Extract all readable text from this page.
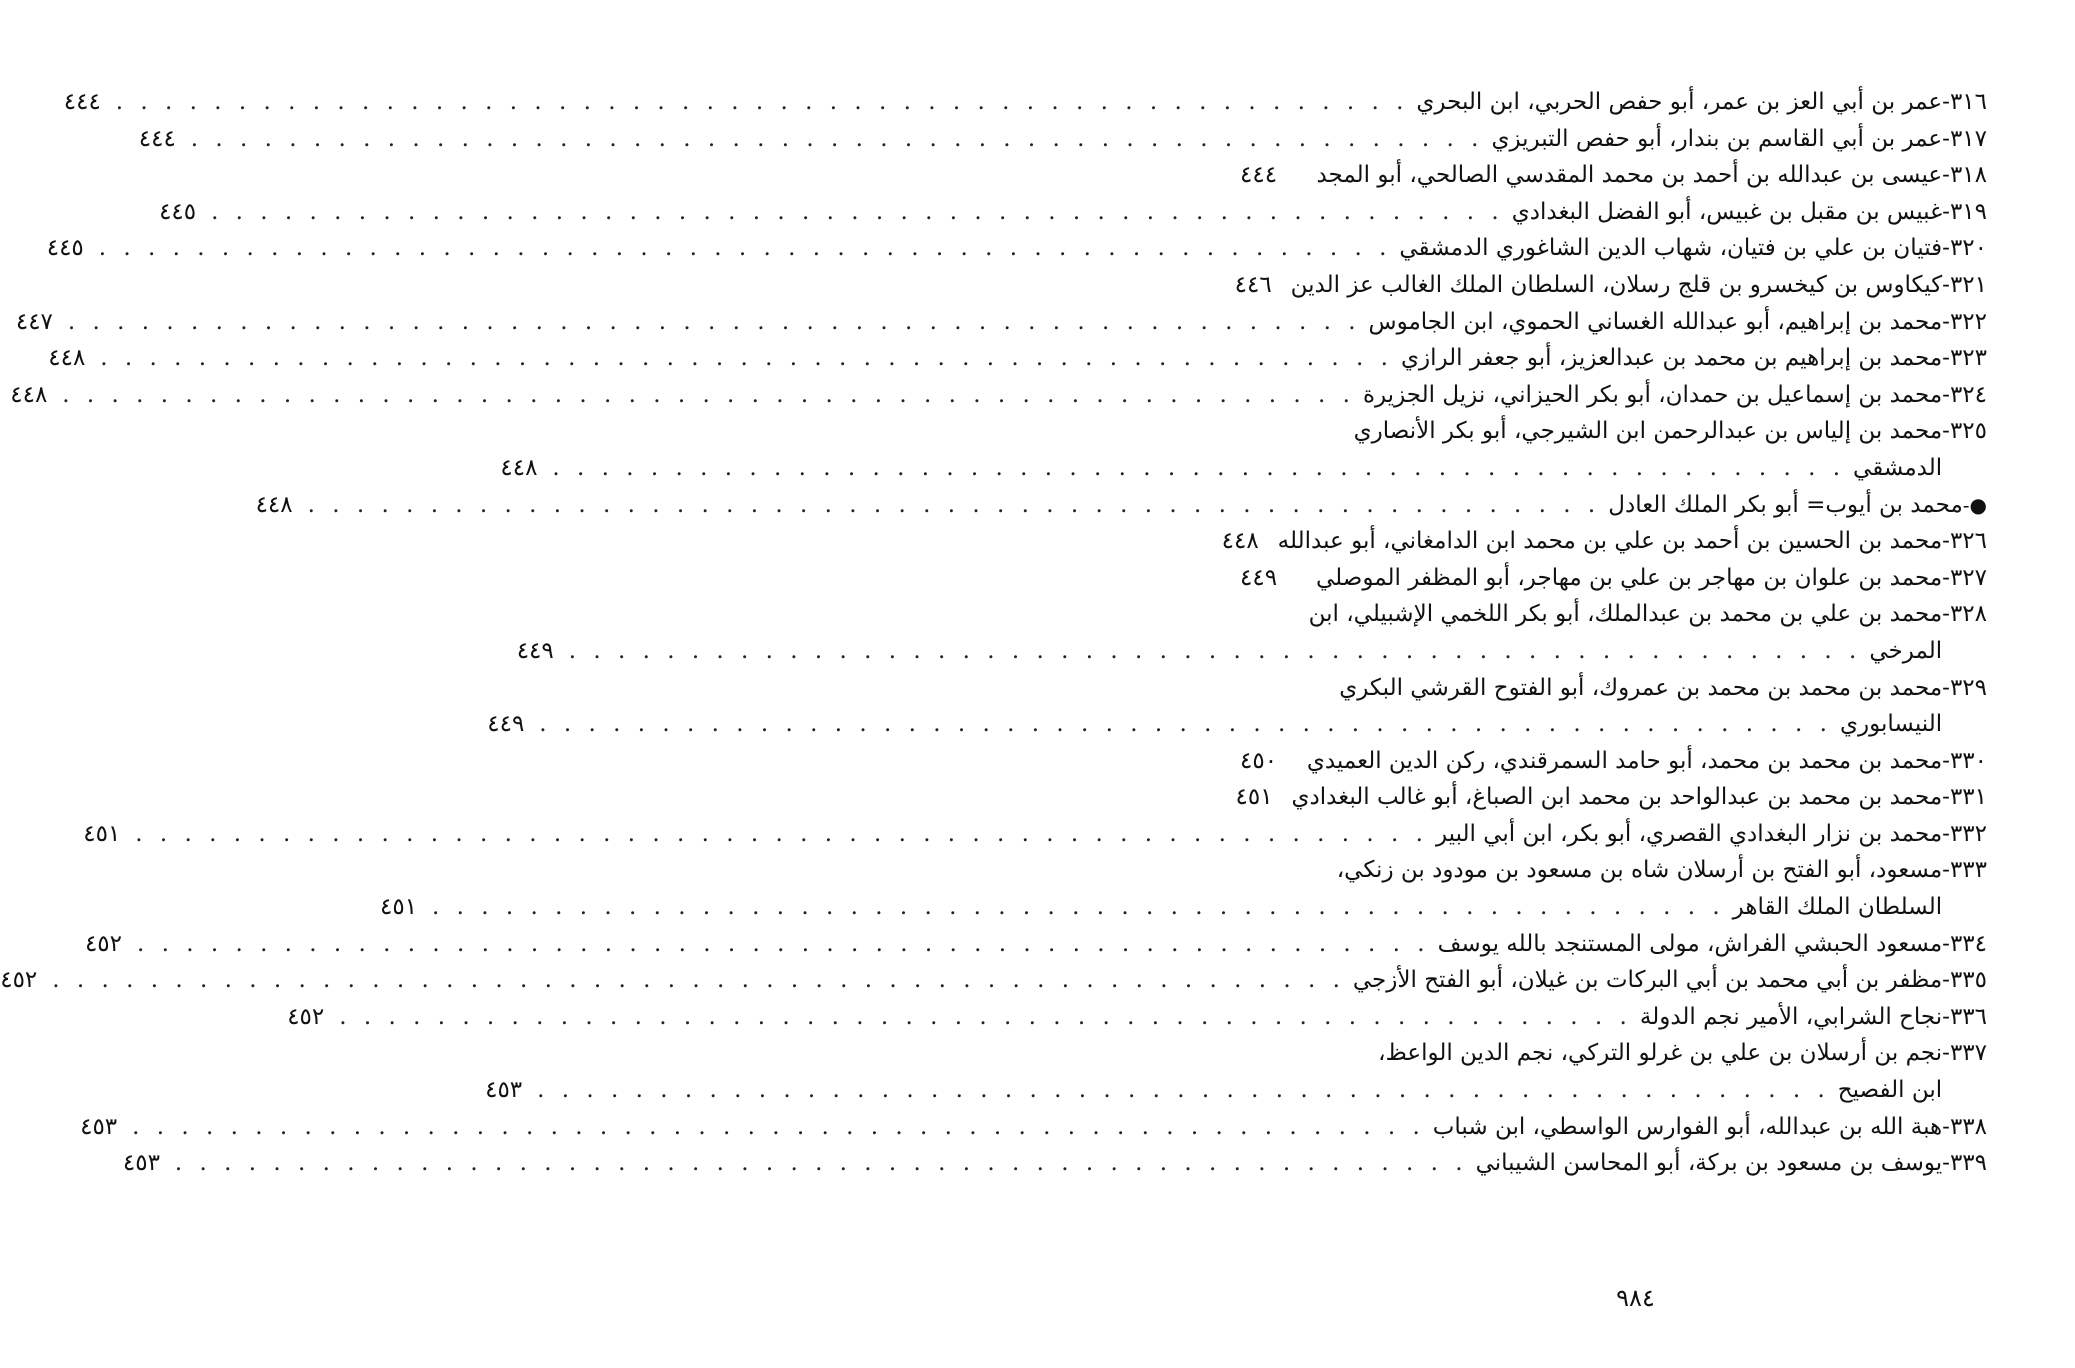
٣١٦-
عمر بن أبي العز بن عمر، أبو حفص الحربي، ابن البحري
. . . . . . . . . . . . . . . . . . . . . . . . . . . . . . . . . . . . . . . . . . . . . . . . . . . . .
٤٤٤
٣١٧-
عمر بن أبي القاسم بن بندار، أبو حفص التبريزي
. . . . . . . . . . . . . . . . . . . . . . . . . . . . . . . . . . . . . . . . . . . . . . . . . . . . .
٤٤٤
٣١٨-
عيسى بن عبدالله بن أحمد بن محمد المقدسي الصالحي، أبو المجد
٤٤٤
٣١٩-
غبيس بن مقبل بن غبيس، أبو الفضل البغدادي
. . . . . . . . . . . . . . . . . . . . . . . . . . . . . . . . . . . . . . . . . . . . . . . . . . . . .
٤٤٥
٣٢٠-
فتيان بن علي بن فتيان، شهاب الدين الشاغوري الدمشقي
. . . . . . . . . . . . . . . . . . . . . . . . . . . . . . . . . . . . . . . . . . . . . . . . . . . . .
٤٤٥
٣٢١-
كيكاوس بن كيخسرو بن قلج رسلان، السلطان الملك الغالب عز الدين
٤٤٦
٣٢٢-
محمد بن إبراهيم، أبو عبدالله الغساني الحموي، ابن الجاموس
. . . . . . . . . . . . . . . . . . . . . . . . . . . . . . . . . . . . . . . . . . . . . . . . . . . . .
٤٤٧
٣٢٣-
محمد بن إبراهيم بن محمد بن عبدالعزيز، أبو جعفر الرازي
. . . . . . . . . . . . . . . . . . . . . . . . . . . . . . . . . . . . . . . . . . . . . . . . . . . . .
٤٤٨
٣٢٤-
محمد بن إسماعيل بن حمدان، أبو بكر الحيزاني، نزيل الجزيرة
. . . . . . . . . . . . . . . . . . . . . . . . . . . . . . . . . . . . . . . . . . . . . . . . . . . . .
٤٤٨
٣٢٥-
محمد بن إلياس بن عبدالرحمن ابن الشيرجي، أبو بكر الأنصاري
الدمشقي
. . . . . . . . . . . . . . . . . . . . . . . . . . . . . . . . . . . . . . . . . . . . . . . . . . . . .
٤٤٨
●-
محمد بن أيوب= أبو بكر الملك العادل
. . . . . . . . . . . . . . . . . . . . . . . . . . . . . . . . . . . . . . . . . . . . . . . . . . . . .
٤٤٨
٣٢٦-
محمد بن الحسين بن أحمد بن علي بن محمد ابن الدامغاني، أبو عبدالله
٤٤٨
٣٢٧-
محمد بن علوان بن مهاجر بن علي بن مهاجر، أبو المظفر الموصلي
٤٤٩
٣٢٨-
محمد بن علي بن محمد بن عبدالملك، أبو بكر اللخمي الإشبيلي، ابن
المرخي
. . . . . . . . . . . . . . . . . . . . . . . . . . . . . . . . . . . . . . . . . . . . . . . . . . . . .
٤٤٩
٣٢٩-
محمد بن محمد بن محمد بن عمروك، أبو الفتوح القرشي البكري
النيسابوري
. . . . . . . . . . . . . . . . . . . . . . . . . . . . . . . . . . . . . . . . . . . . . . . . . . . . .
٤٤٩
٣٣٠-
محمد بن محمد بن محمد، أبو حامد السمرقندي، ركن الدين العميدي
٤٥٠
٣٣١-
محمد بن محمد بن عبدالواحد بن محمد ابن الصباغ، أبو غالب البغدادي
٤٥١
٣٣٢-
محمد بن نزار البغدادي القصري، أبو بكر، ابن أبي البير
. . . . . . . . . . . . . . . . . . . . . . . . . . . . . . . . . . . . . . . . . . . . . . . . . . . . .
٤٥١
٣٣٣-
مسعود، أبو الفتح بن أرسلان شاه بن مسعود بن مودود بن زنكي،
السلطان الملك القاهر
. . . . . . . . . . . . . . . . . . . . . . . . . . . . . . . . . . . . . . . . . . . . . . . . . . . . .
٤٥١
٣٣٤-
مسعود الحبشي الفراش، مولى المستنجد بالله يوسف
. . . . . . . . . . . . . . . . . . . . . . . . . . . . . . . . . . . . . . . . . . . . . . . . . . . . .
٤٥٢
٣٣٥-
مظفر بن أبي محمد بن أبي البركات بن غيلان، أبو الفتح الأزجي
. . . . . . . . . . . . . . . . . . . . . . . . . . . . . . . . . . . . . . . . . . . . . . . . . . . . .
٤٥٢
٣٣٦-
نجاح الشرابي، الأمير نجم الدولة
. . . . . . . . . . . . . . . . . . . . . . . . . . . . . . . . . . . . . . . . . . . . . . . . . . . . .
٤٥٢
٣٣٧-
نجم بن أرسلان بن علي بن غرلو التركي، نجم الدين الواعظ،
ابن الفصيح
. . . . . . . . . . . . . . . . . . . . . . . . . . . . . . . . . . . . . . . . . . . . . . . . . . . . .
٤٥٣
٣٣٨-
هبة الله بن عبدالله، أبو الفوارس الواسطي، ابن شباب
. . . . . . . . . . . . . . . . . . . . . . . . . . . . . . . . . . . . . . . . . . . . . . . . . . . . .
٤٥٣
٣٣٩-
يوسف بن مسعود بن بركة، أبو المحاسن الشيباني
. . . . . . . . . . . . . . . . . . . . . . . . . . . . . . . . . . . . . . . . . . . . . . . . . . . . .
٤٥٣
٩٨٤
